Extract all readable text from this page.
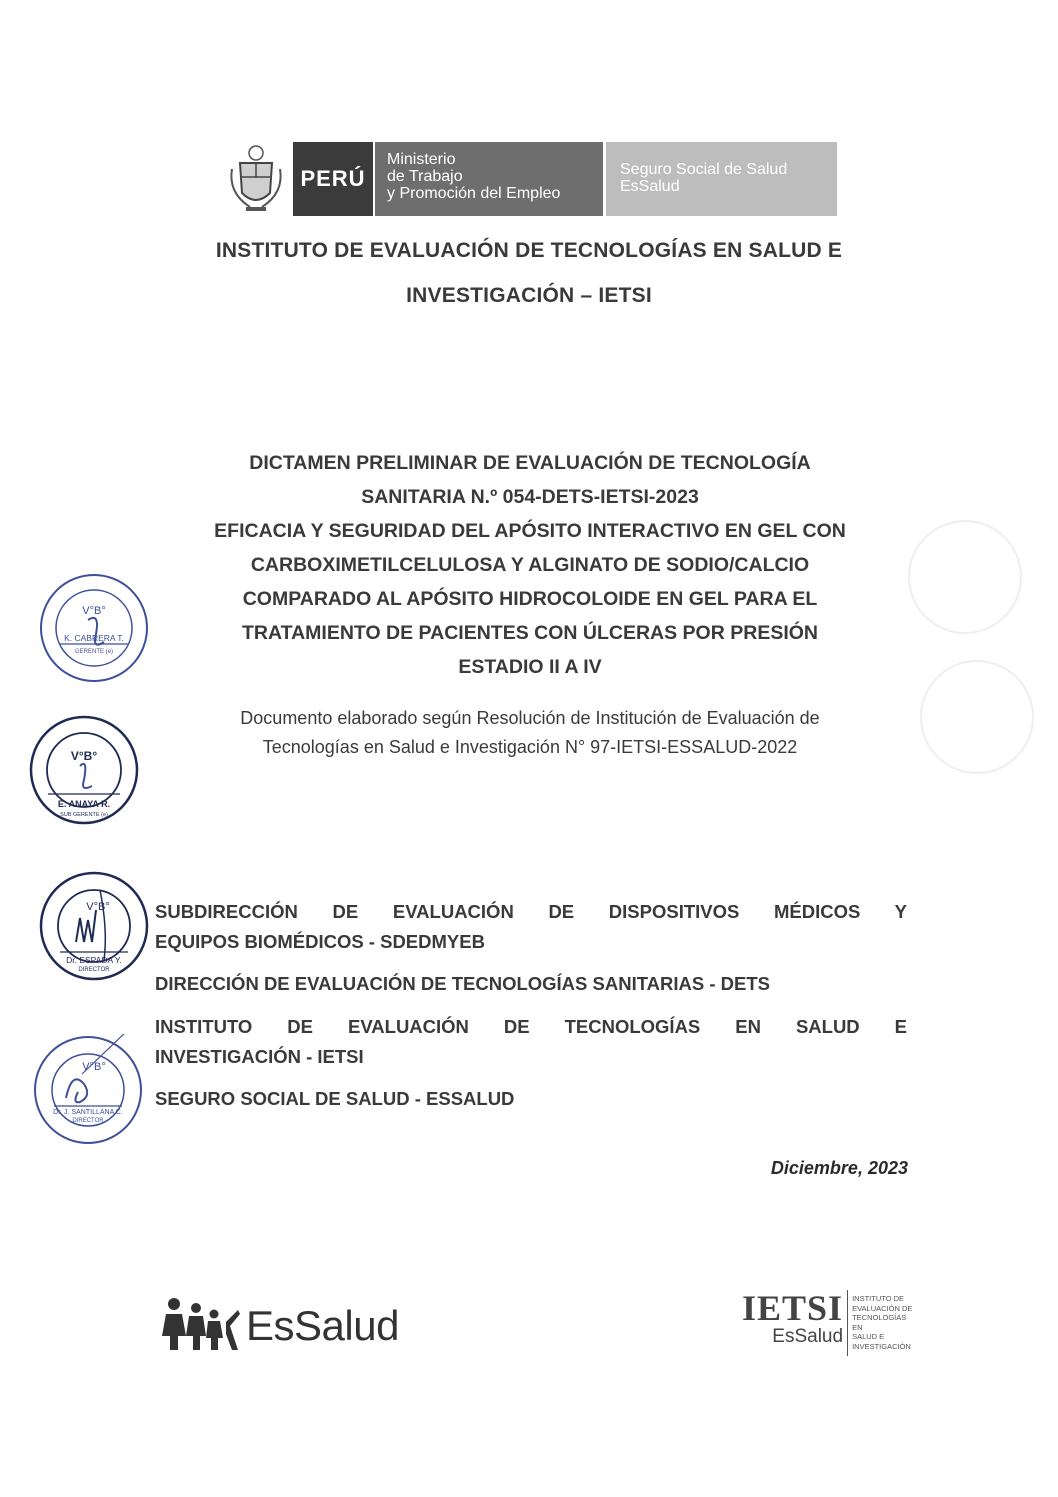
PERÚ
Ministerio
de Trabajo
y Promoción del Empleo
Seguro Social de Salud
EsSalud
INSTITUTO DE EVALUACIÓN DE TECNOLOGÍAS EN SALUD E
INVESTIGACIÓN – IETSI
DICTAMEN PRELIMINAR DE EVALUACIÓN DE TECNOLOGÍA
SANITARIA N.º 054-DETS-IETSI-2023
EFICACIA Y SEGURIDAD DEL APÓSITO INTERACTIVO EN GEL CON
CARBOXIMETILCELULOSA Y ALGINATO DE SODIO/CALCIO
COMPARADO AL APÓSITO HIDROCOLOIDE EN GEL PARA EL
TRATAMIENTO DE PACIENTES CON ÚLCERAS POR PRESIÓN
ESTADIO II A IV
Documento elaborado según Resolución de Institución de Evaluación de
Tecnologías en Salud e Investigación N° 97-IETSI-ESSALUD-2022
SUBDIRECCIÓN DE EVALUACIÓN DE DISPOSITIVOS MÉDICOS Y
EQUIPOS BIOMÉDICOS - SDEDMYEB
DIRECCIÓN DE EVALUACIÓN DE TECNOLOGÍAS SANITARIAS - DETS
INSTITUTO DE EVALUACIÓN DE TECNOLOGÍAS EN SALUD E
INVESTIGACIÓN - IETSI
SEGURO SOCIAL DE SALUD - ESSALUD
Diciembre, 2023
V°B°
K. CABRERA T.
GERENTE (e)
V°B°
E. ANAYA R.
SUB GERENTE (e)
V°B°
Dr. ESPADA Y.
DIRECTOR
V°B°
Dr. J. SANTILLANA C.
DIRECTOR
EsSalud	IETSI
EsSalud
INSTITUTO DE
EVALUACIÓN DE
TECNOLOGÍAS EN
SALUD E
INVESTIGACIÓN
